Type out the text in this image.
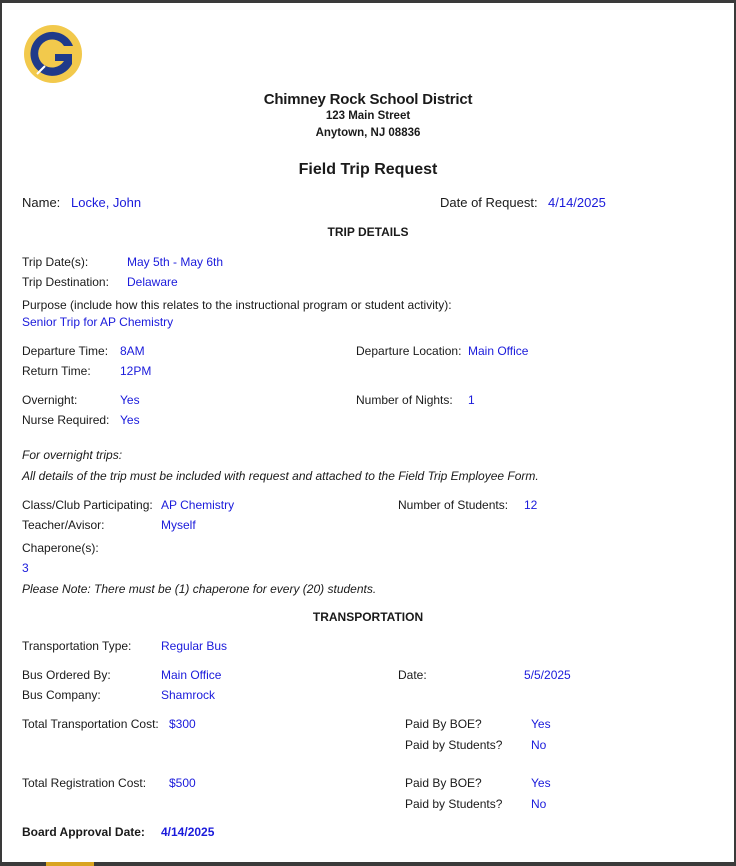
Chimney Rock School District
123 Main Street
Anytown, NJ 08836
Field Trip Request
Name: Locke, John	Date of Request: 4/14/2025
TRIP DETAILS
Trip Date(s):	May 5th - May 6th
Trip Destination: Delaware
Purpose (include how this relates to the instructional program or student activity):
Senior Trip for AP Chemistry
Departure Time: 8AM	Departure Location: Main Office
Return Time: 12PM
Overnight:	Yes	Number of Nights: 1
Nurse Required: Yes
For overnight trips:
All details of the trip must be included with request and attached to the Field Trip Employee Form.
Class/Club Participating: AP Chemistry	Number of Students: 12
Teacher/Avisor:	Myself
Chaperone(s):
3
Please Note: There must be (1) chaperone for every (20) students.
TRANSPORTATION
Transportation Type: Regular Bus
Bus Ordered By:	Main Office	Date:	5/5/2025
Bus Company:	Shamrock
Total Transportation Cost: $300	Paid By BOE?	Yes
Paid by Students? No
Total Registration Cost: $500	Paid By BOE?	Yes
Paid by Students? No
Board Approval Date: 4/14/2025
